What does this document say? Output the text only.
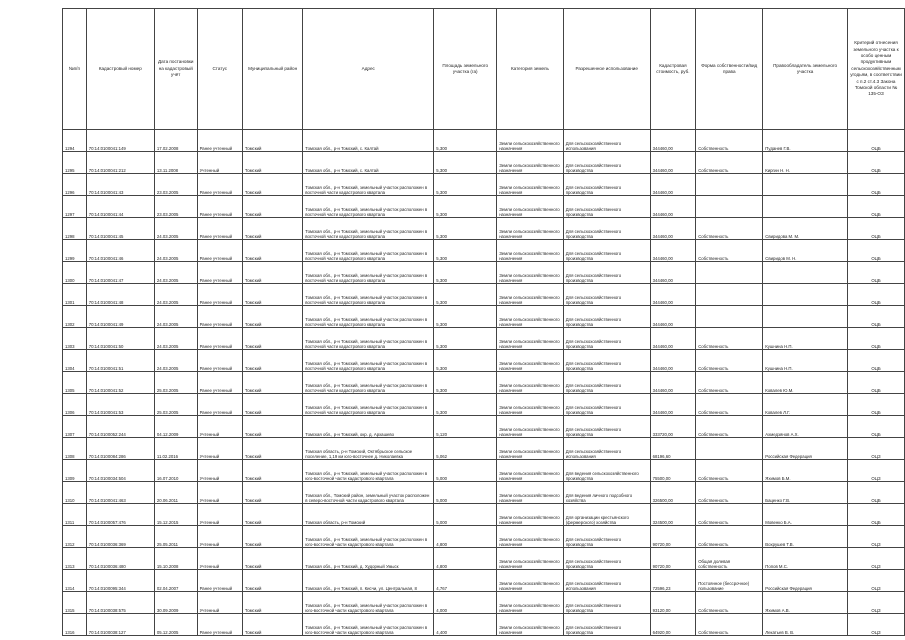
№п/п	Кадастровый номер	Дата постановки на кадастровый учёт	Статус	Муниципальный район	Адрес	Площадь земельного участка (га)	Категория земель	Разрешенное использование	Кадастровая стоимость, руб.	Форма собственности/вид права	Правообладатель земельного участка	Критерий отнесения земельного участка к особо ценным продуктивным сельскохозяйственным угодьям, в соответствии с п.2 ст.4.3 Закона Томской области № 135-ОЗ
1294	70:14:0100041:149	17.02.2008	Ранее учтенный	Томский	Томская обл., р-н Томский, с. Калтай	5,300	Земли сельскохозяйственного назначения	Для сельскохозяйственного использования	344460,00	Собственность	Пуданев Г.В.	ОЦБ
1295	70:14:0100041:212	13.11.2008	Учтенный	Томский	Томская обл., р-н Томский, с. Калтай	5,300	Земли сельскохозяйственного назначения	Для сельскохозяйственного производства	344460,00	Собственность	Киргин Н. Н.	ОЦБ
1296	70:14:0100041:43	23.03.2005	Ранее учтенный	Томский	Томская обл., р-н Томский, земельный участок расположен в восточной части кадастрового квартала	5,300	Земли сельскохозяйственного назначения	Для сельскохозяйственного производства	344460,00			ОЦБ
1297	70:14:0100041:44	23.03.2005	Ранее учтенный	Томский	Томская обл., р-н Томский, земельный участок расположен в восточной части кадастрового квартала	5,300	Земли сельскохозяйственного назначения	Для сельскохозяйственного производства	344460,00			ОЦБ
1298	70:14:0100041:45	24.03.2005	Ранее учтенный	Томский	Томская обл., р-н Томский, земельный участок расположен в восточной части кадастрового квартала	5,300	Земли сельскохозяйственного назначения	Для сельскохозяйственного производства	344460,00	Собственность	Свиридова М. М.	ОЦБ
1299	70:14:0100041:46	24.03.2005	Ранее учтенный	Томский	Томская обл., р-н Томский, земельный участок расположен в восточной части кадастрового квартала	5,300	Земли сельскохозяйственного назначения	Для сельскохозяйственного производства	344460,00	Собственность	Свиридов М. Н.	ОЦБ
1300	70:14:0100041:47	24.03.2005	Ранее учтенный	Томский	Томская обл., р-н Томский, земельный участок расположен в восточной части кадастрового квартала	5,300	Земли сельскохозяйственного назначения	Для сельскохозяйственного производства	344460,00			ОЦБ
1301	70:14:0100041:48	24.03.2005	Ранее учтенный	Томский	Томская обл., р-н Томский, земельный участок расположен в восточной части кадастрового квартала	5,300	Земли сельскохозяйственного назначения	Для сельскохозяйственного производства	344460,00			ОЦБ
1302	70:14:0100041:49	24.03.2005	Ранее учтенный	Томский	Томская обл., р-н Томский, земельный участок расположен в восточной части кадастрового квартала	5,300	Земли сельскохозяйственного назначения	Для сельскохозяйственного производства	344460,00			ОЦБ
1303	70:14:0100041:50	24.03.2005	Ранее учтенный	Томский	Томская обл., р-н Томский, земельный участок расположен в восточной части кадастрового квартала	5,300	Земли сельскохозяйственного назначения	Для сельскохозяйственного производства	344460,00	Собственность	Кушнина Н.П.	ОЦБ
1304	70:14:0100041:51	24.03.2005	Ранее учтенный	Томский	Томская обл., р-н Томский, земельный участок расположен в восточной части кадастрового квартала	5,300	Земли сельскохозяйственного назначения	Для сельскохозяйственного производства	344460,00	Собственность	Кушнина Н.П.	ОЦБ
1305	70:14:0100041:52	25.03.2005	Ранее учтенный	Томский	Томская обл., р-н Томский, земельный участок расположен в восточной части кадастрового квартала	5,300	Земли сельскохозяйственного назначения	Для сельскохозяйственного производства	344460,00	Собственность	Ковалев Ю.М.	ОЦБ
1306	70:14:0100041:53	25.03.2005	Ранее учтенный	Томский	Томская обл., р-н Томский, земельный участок расположен в восточной части кадастрового квартала	5,300	Земли сельскохозяйственного назначения	Для сельскохозяйственного производства	344460,00	Собственность	Ковалев Л.Г.	ОЦБ
1307	70:14:0100052:244	04.12.2009	Учтенный	Томский	Томская обл., р-н Томский, окр. д. Архашево	5,120	Земли сельскохозяйственного назначения	Для сельскохозяйственного производства	333720,00	Собственность	Ахмедзянов А.Х.	ОЦБ
1308	70:14:0100084:286	11.02.2016	Учтенный	Томский	Томская область, р-н Томский, Октябрьское сельское поселение, 1,19 км юго-восточнее д. Николаевка	5,062	Земли сельскохозяйственного назначения	Для сельскохозяйственного использования	68196,60		Российская Федерация	ОЦЗ
1309	70:14:0100034:504	16.07.2010	Учтенный	Томский	Томская обл., р-н Томский, земельный участок расположен в юго-восточной части кадастрового квартала	5,000	Земли сельскохозяйственного назначения	Для ведения сельскохозяйственного производства	75500,00	Собственность	Яхимов Б.М.	ОЦЗ
1310	70:14:0100041:463	20.06.2011	Учтенный	Томский	Томская обл., Томский район, земельный участок расположен в северо-восточной части кадастрового квартала	5,000	Земли сельскохозяйственного назначения	Для ведения личного подсобного хозяйства	326500,00	Собственность	Баценко Г.В.	ОЦБ
1311	70:14:0100057:476	15.12.2015	Учтенный	Томский	Томская область, р-н Томский	5,000	Земли сельскохозяйственного назначения	Для организации крестьянского (фермерского) хозяйства	324500,00	Собственность	Мовенко Б.А.	ОЦБ
1312	70:14:0100036:369	25.05.2011	Учтенный	Томский	Томская обл., р-н Томский, земельный участок расположен в юго-восточной части кадастрового квартала	4,800	Земли сельскохозяйственного назначения	Для сельскохозяйственного производства	90720,00	Собственность	Вохрушев Т.В.	ОЦЗ
1313	70:14:0100036:480	15.10.2008	Учтенный	Томский	Томская обл., р-н Томский, д. Худорный Умыск	4,800	Земли сельскохозяйственного назначения	Для сельскохозяйственного производства	90720,00	Общая долевая собственность	Попов М.С.	ОЦЗ
1314	70:14:0100095:344	02.04.2007	Ранее учтенный	Томский	Томская обл., р-н Томский, п. Кисчи, ул. Центральная, 8	4,767	Земли сельскохозяйственного назначения	Для сельскохозяйственного использования	72596,23	Постоянное (бессрочное) пользование	Российская Федерация	ОЦЗ
1315	70:14:0100038:575	30.09.2009	Учтенный	Томский	Томская обл., р-н Томский, земельный участок расположен в юго-восточной части кадастрового квартала	4,000	Земли сельскохозяйственного назначения	Для сельскохозяйственного производства	93120,00	Собственность	Яхимов А.В.	ОЦЗ
1316	70:14:0100038:127	05.12.2005	Ранее учтенный	Томский	Томская обл., р-н Томский, земельный участок расположен в юго-восточной части кадастрового квартала	4,400	Земли сельскохозяйственного назначения	Для сельскохозяйственного производства	64920,00	Собственность	Лекатьев В. В.	ОЦЗ
